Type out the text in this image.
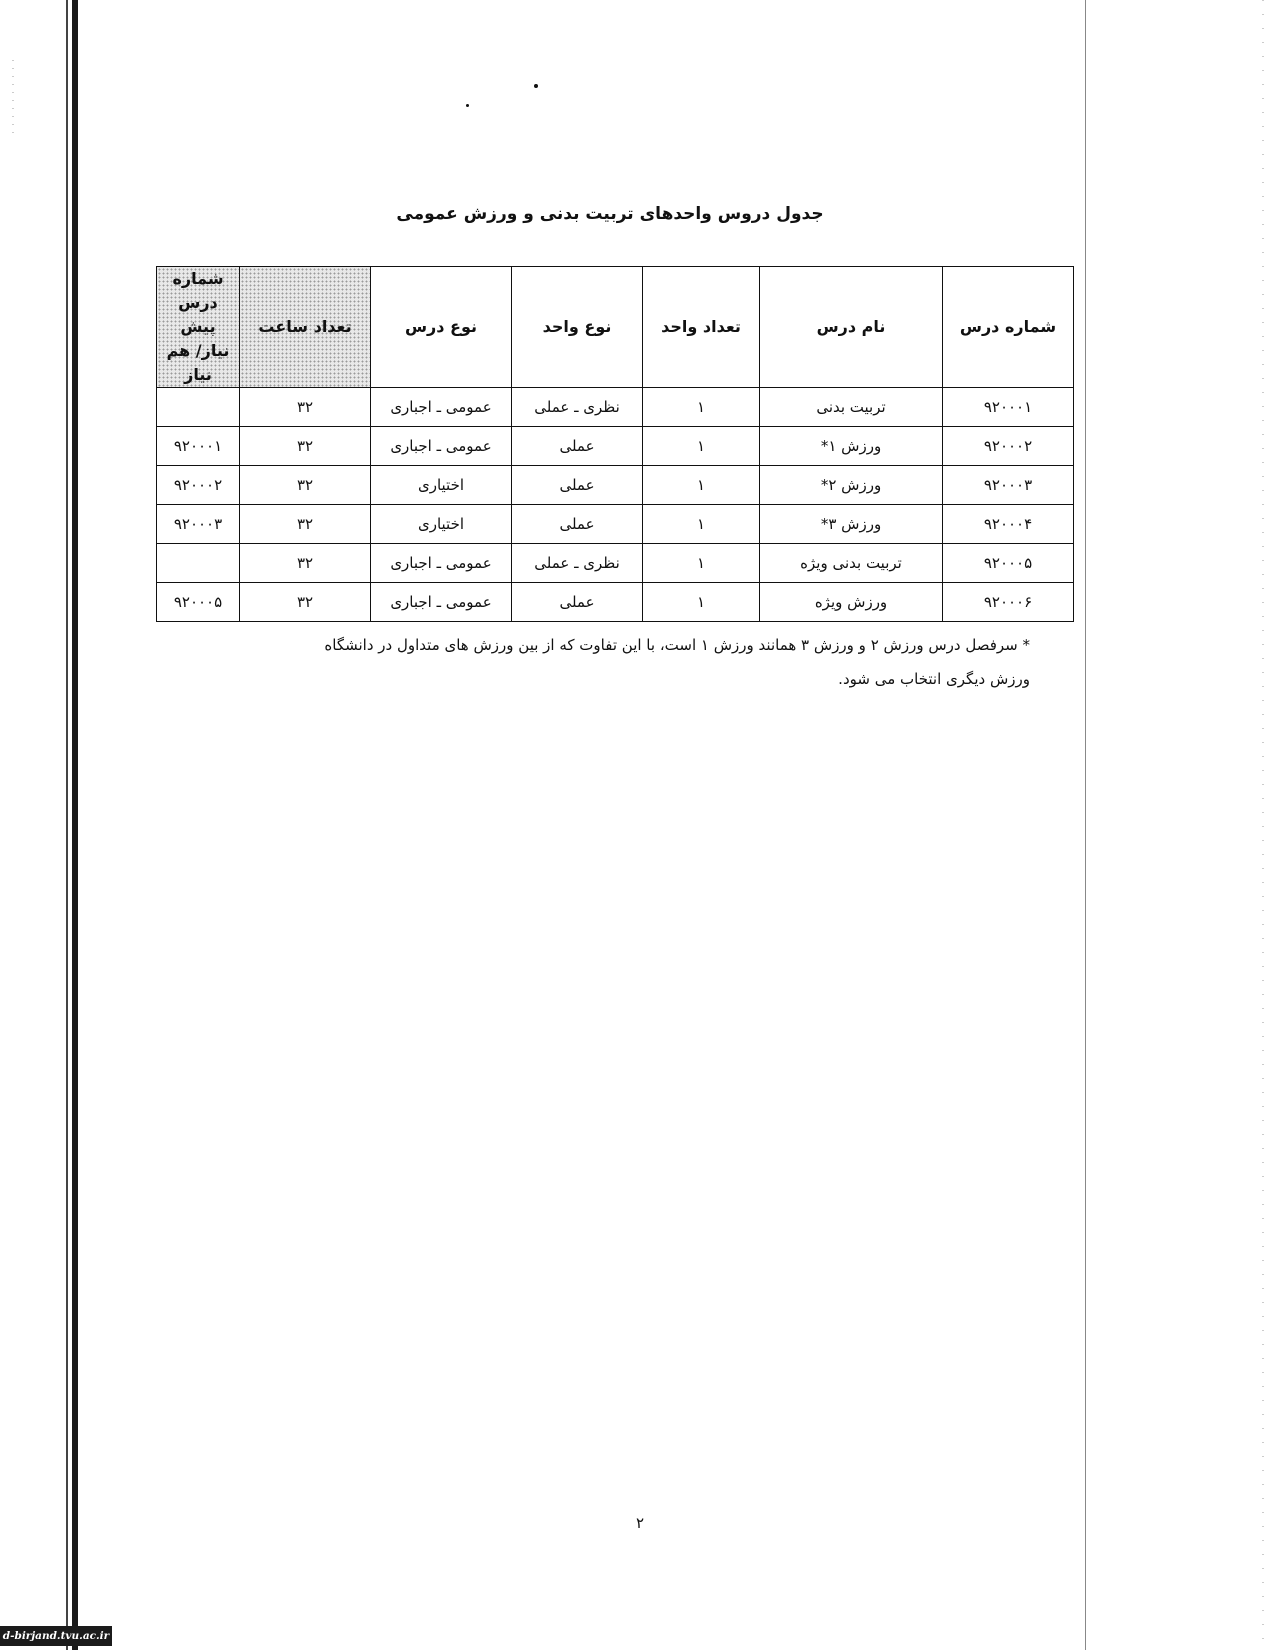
جدول دروس واحدهای تربیت بدنی و ورزش عمومی
شماره درس	نام درس	تعداد واحد	نوع واحد	نوع درس	تعداد ساعت	شماره درس
پیش نیاز/ هم نیاز

۹۲۰۰۰۱	تربیت بدنی	۱	نظری ـ عملی	عمومی ـ اجباری	۳۲	
۹۲۰۰۰۲	ورزش ۱*	۱	عملی	عمومی ـ اجباری	۳۲	۹۲۰۰۰۱
۹۲۰۰۰۳	ورزش ۲*	۱	عملی	اختیاری	۳۲	۹۲۰۰۰۲
۹۲۰۰۰۴	ورزش ۳*	۱	عملی	اختیاری	۳۲	۹۲۰۰۰۳
۹۲۰۰۰۵	تربیت بدنی ویژه	۱	نظری ـ عملی	عمومی ـ اجباری	۳۲	
۹۲۰۰۰۶	ورزش ویژه	۱	عملی	عمومی ـ اجباری	۳۲	۹۲۰۰۰۵
* سرفصل درس ورزش ۲ و ورزش ۳ همانند ورزش ۱ است، با این تفاوت که از بین ورزش های متداول در دانشگاه
ورزش دیگری انتخاب می شود.
۲
d-birjand.tvu.ac.ir
